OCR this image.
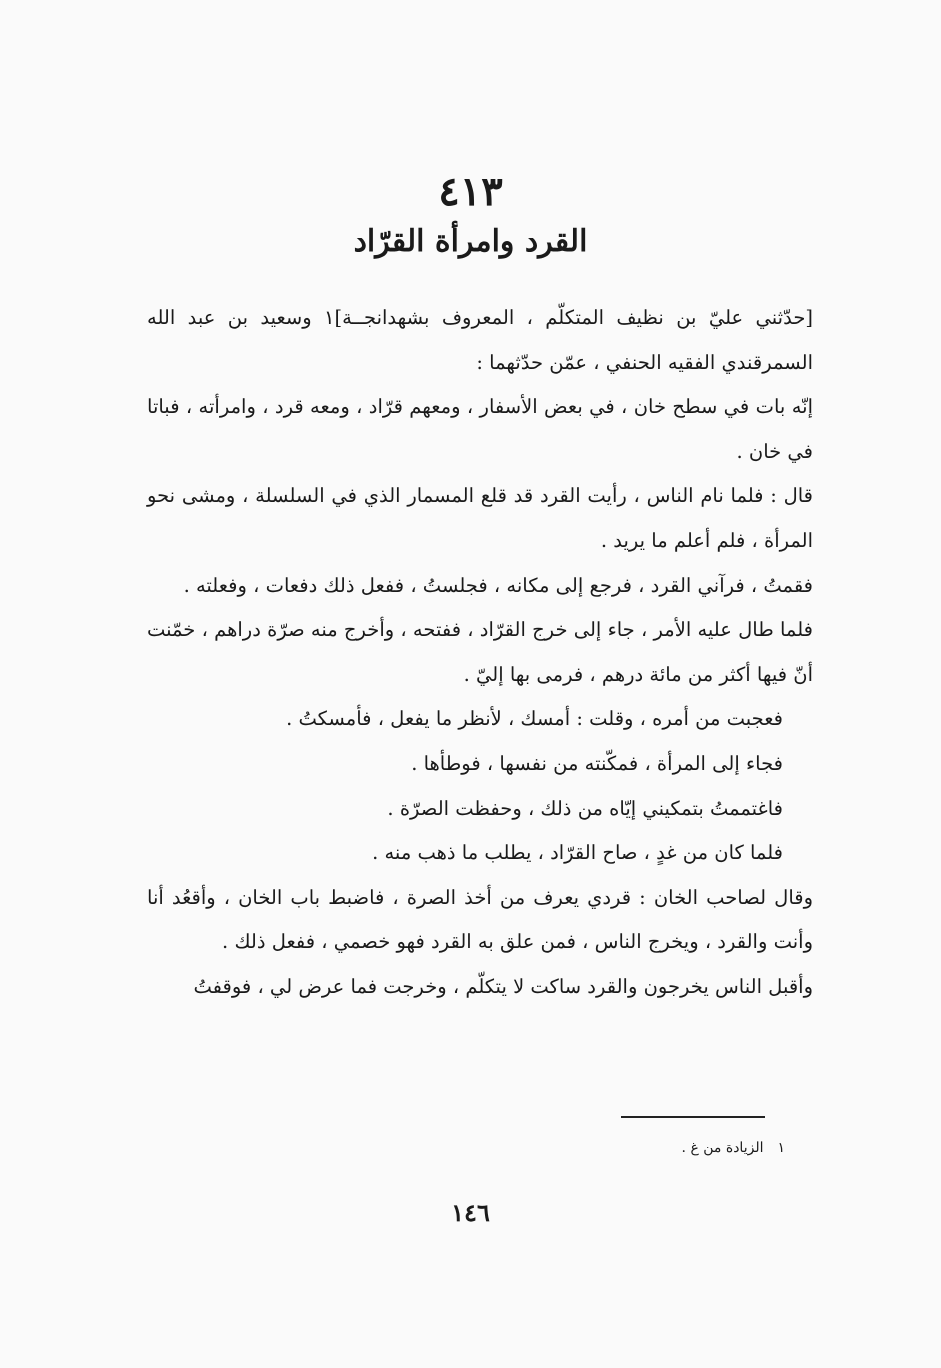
٤١٣
القرد وامرأة القرّاد

[حدّثني عليّ بن نظيف المتكلّم ، المعروف بشهدانجــة]١ وسعيد بن عبد الله السمرقندي الفقيه الحنفي ، عمّن حدّثهما :

إنّه بات في سطح خان ، في بعض الأسفار ، ومعهم قرّاد ، ومعه قرد ، وامرأته ، فباتا في خان .

قال : فلما نام الناس ، رأيت القرد قد قلع المسمار الذي في السلسلة ، ومشى نحو المرأة ، فلم أعلم ما يريد .

فقمتُ ، فرآني القرد ، فرجع إلى مكانه ، فجلستُ ، ففعل ذلك دفعات ، وفعلته .

فلما طال عليه الأمر ، جاء إلى خرج القرّاد ، ففتحه ، وأخرج منه صرّة دراهم ، خمّنت أنّ فيها أكثر من مائة درهم ، فرمى بها إليّ .

فعجبت من أمره ، وقلت : أمسك ، لأنظر ما يفعل ، فأمسكتُ .

فجاء إلى المرأة ، فمكّنته من نفسها ، فوطأها .

فاغتممتُ بتمكيني إيّاه من ذلك ، وحفظت الصرّة .

فلما كان من غدٍ ، صاح القرّاد ، يطلب ما ذهب منه .

وقال لصاحب الخان : قردي يعرف من أخذ الصرة ، فاضبط باب الخان ، وأقعُد أنا وأنت والقرد ، ويخرج الناس ، فمن علق به القرد فهو خصمي ، ففعل ذلك .

وأقبل الناس يخرجون والقرد ساكت لا يتكلّم ، وخرجت فما عرض لي ، فوقفتُ

١الزيادة من غ .
١٤٦
